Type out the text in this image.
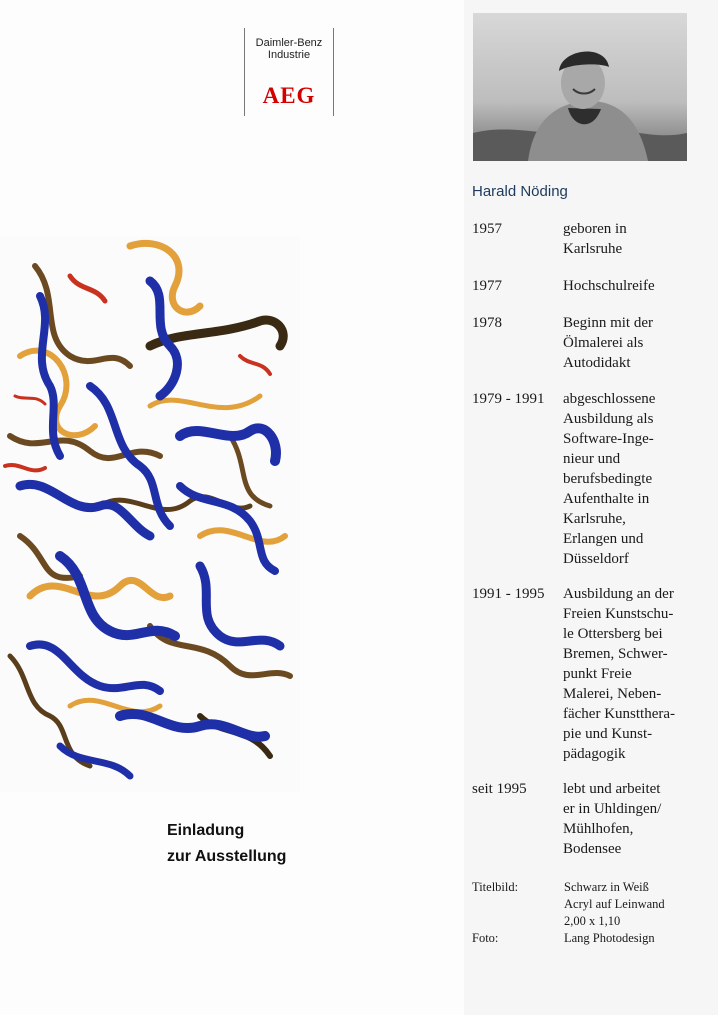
Daimler-Benz
Industrie
AEG
Einladung
zur Ausstellung
Harald Nöding
1957	geboren in
Karlsruhe
1977	Hochschulreife
1978	Beginn mit der
Ölmalerei als
Autodidakt
1979 - 1991	abgeschlossene
Ausbildung als
Software-Inge-
nieur und
berufsbedingte
Aufenthalte in
Karlsruhe,
Erlangen und
Düsseldorf
1991 - 1995	Ausbildung an der
Freien Kunstschu-
le Ottersberg bei
Bremen, Schwer-
punkt Freie
Malerei, Neben-
fächer Kunstthera-
pie und Kunst-
pädagogik
seit 1995	lebt und arbeitet
er in Uhldingen/
Mühlhofen,
Bodensee
Titelbild:	Schwarz in Weiß
Acryl auf Leinwand
2,00 x 1,10
Foto:	Lang Photodesign
